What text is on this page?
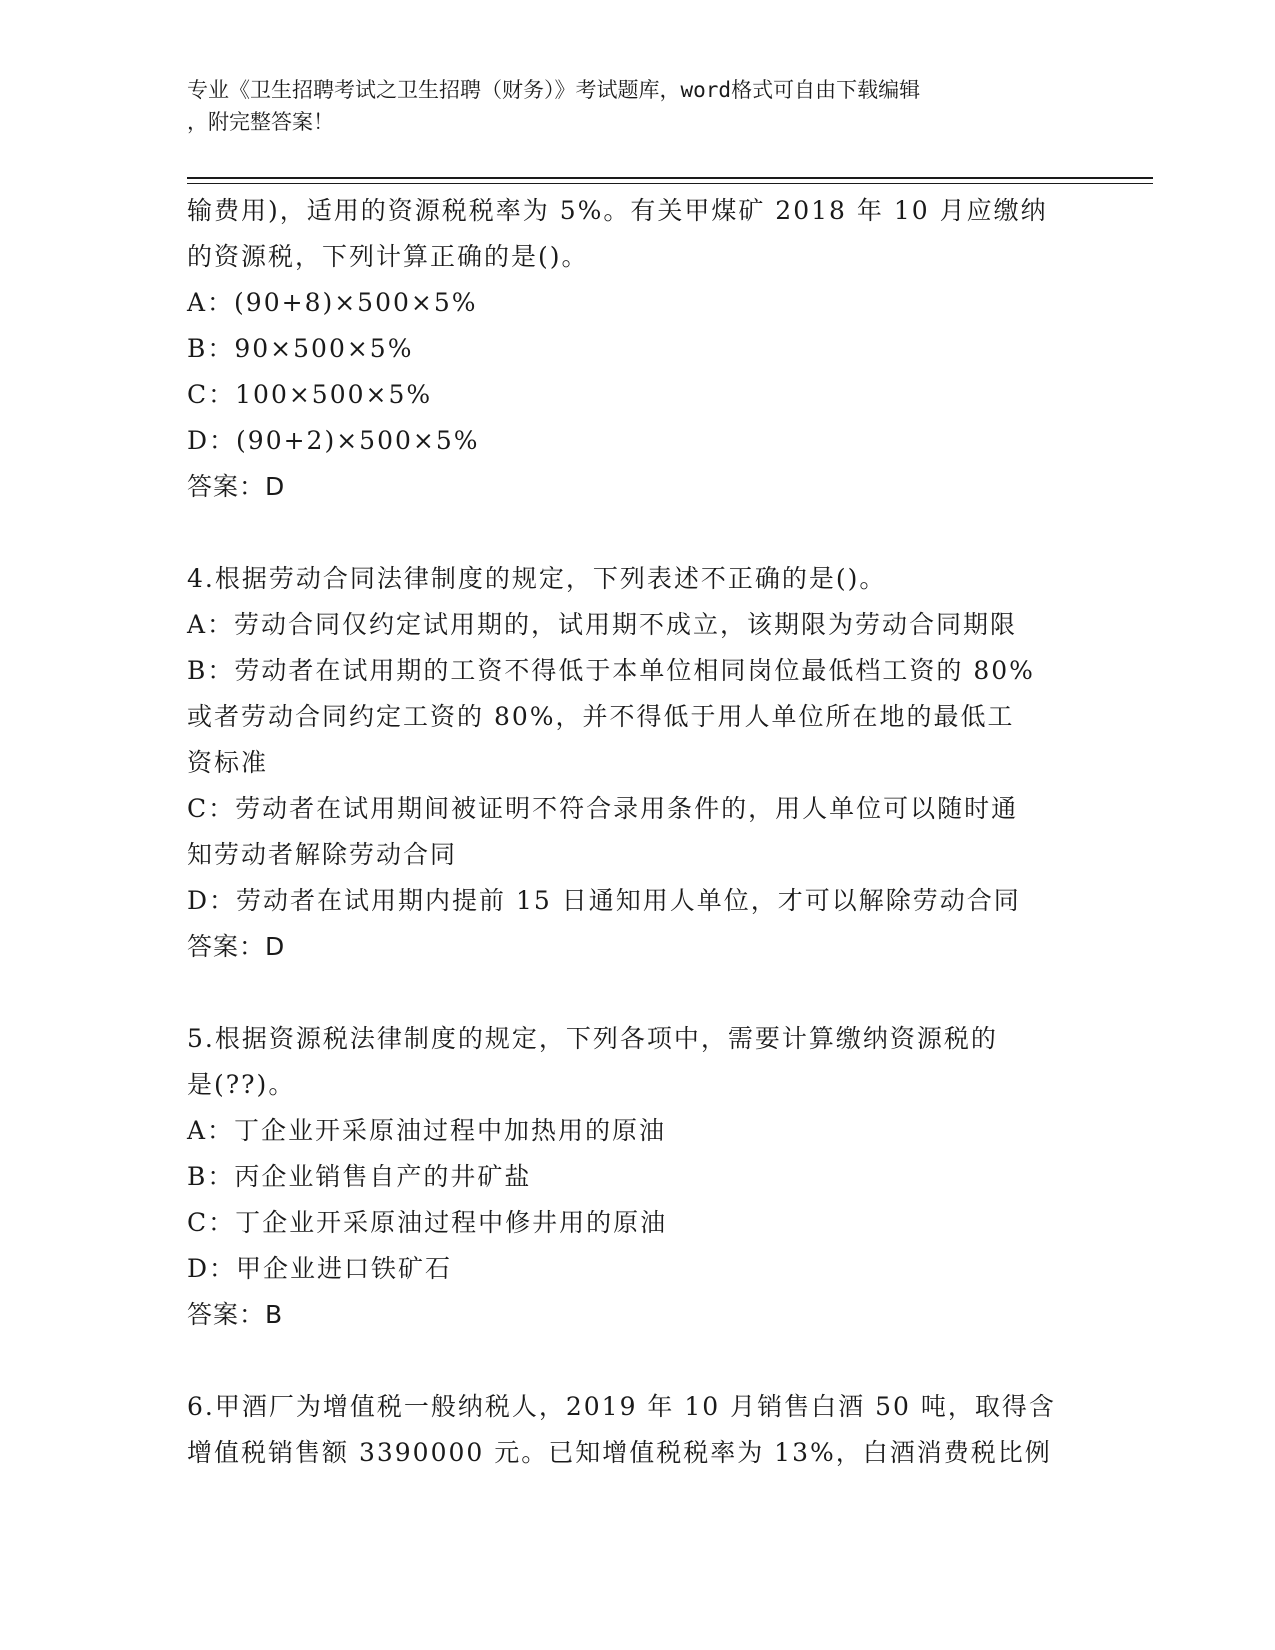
专业《卫生招聘考试之卫生招聘（财务）》考试题库，word格式可自由下载编辑
，附完整答案！
输费用)，适用的资源税税率为 5%。有关甲煤矿 2018 年 10 月应缴纳
的资源税，下列计算正确的是()。
A：(90+8)×500×5%
B：90×500×5%
C：100×500×5%
D：(90+2)×500×5%
答案：D
4.根据劳动合同法律制度的规定，下列表述不正确的是()。
A：劳动合同仅约定试用期的，试用期不成立，该期限为劳动合同期限
B：劳动者在试用期的工资不得低于本单位相同岗位最低档工资的 80%
或者劳动合同约定工资的 80%，并不得低于用人单位所在地的最低工
资标准
C：劳动者在试用期间被证明不符合录用条件的，用人单位可以随时通
知劳动者解除劳动合同
D：劳动者在试用期内提前 15 日通知用人单位，才可以解除劳动合同
答案：D
5.根据资源税法律制度的规定，下列各项中，需要计算缴纳资源税的
是(??)。
A：丁企业开采原油过程中加热用的原油
B：丙企业销售自产的井矿盐
C：丁企业开采原油过程中修井用的原油
D：甲企业进口铁矿石
答案：B
6.甲酒厂为增值税一般纳税人，2019 年 10 月销售白酒 50 吨，取得含
增值税销售额 3390000 元。已知增值税税率为 13%，白酒消费税比例
